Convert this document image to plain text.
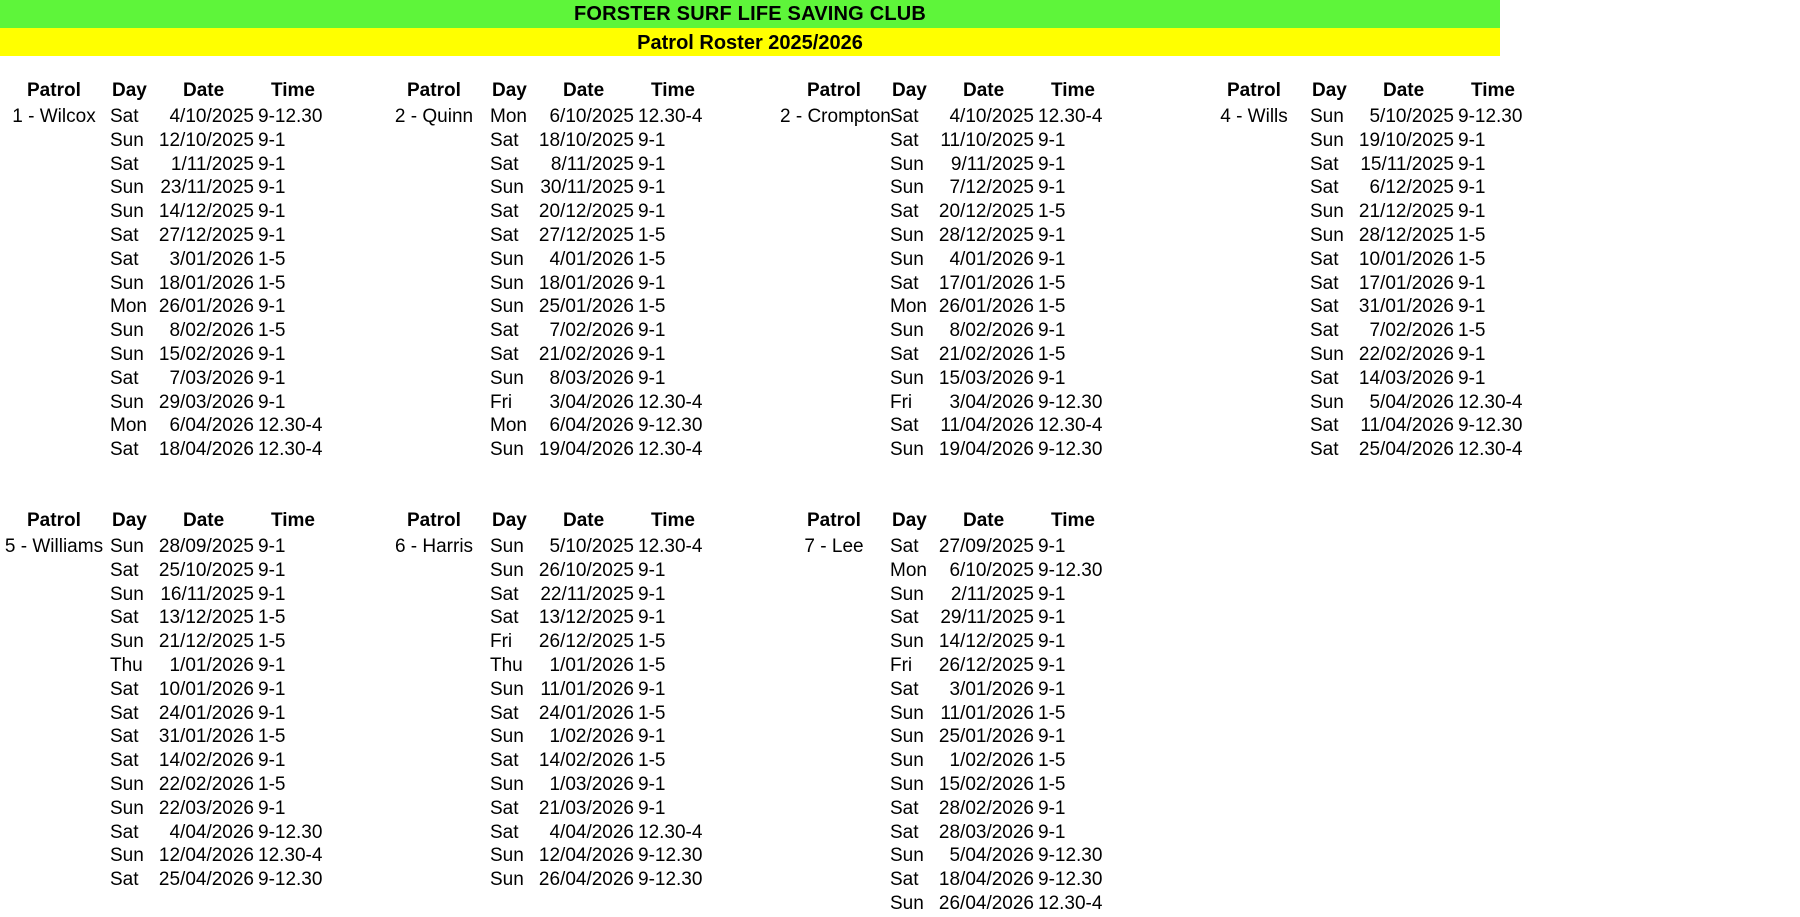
FORSTER SURF LIFE SAVING CLUB
Patrol Roster 2025/2026
Patrol Day Date Time
1 - Wilcox Sat 4/10/2025 9-12.30
Sun 12/10/2025 9-1
Sat 1/11/2025 9-1
Sun 23/11/2025 9-1
Sun 14/12/2025 9-1
Sat 27/12/2025 9-1
Sat 3/01/2026 1-5
Sun 18/01/2026 1-5
Mon 26/01/2026 9-1
Sun 8/02/2026 1-5
Sun 15/02/2026 9-1
Sat 7/03/2026 9-1
Sun 29/03/2026 9-1
Mon 6/04/2026 12.30-4
Sat 18/04/2026 12.30-4
Patrol Day Date Time
2 - Quinn Mon 6/10/2025 12.30-4
Sat 18/10/2025 9-1
Sat 8/11/2025 9-1
Sun 30/11/2025 9-1
Sat 20/12/2025 9-1
Sat 27/12/2025 1-5
Sun 4/01/2026 1-5
Sun 18/01/2026 9-1
Sun 25/01/2026 1-5
Sat 7/02/2026 9-1
Sat 21/02/2026 9-1
Sun 8/03/2026 9-1
Fri 3/04/2026 12.30-4
Mon 6/04/2026 9-12.30
Sun 19/04/2026 12.30-4
Patrol Day Date Time
2 - Crompton Sat 4/10/2025 12.30-4
Sat 11/10/2025 9-1
Sun 9/11/2025 9-1
Sun 7/12/2025 9-1
Sat 20/12/2025 1-5
Sun 28/12/2025 9-1
Sun 4/01/2026 9-1
Sat 17/01/2026 1-5
Mon 26/01/2026 1-5
Sun 8/02/2026 9-1
Sat 21/02/2026 1-5
Sun 15/03/2026 9-1
Fri 3/04/2026 9-12.30
Sat 11/04/2026 12.30-4
Sun 19/04/2026 9-12.30
Patrol Day Date Time
4 - Wills	Sun 5/10/2025 9-12.30
Sun 19/10/2025 9-1
Sat 15/11/2025 9-1
Sat 6/12/2025 9-1
Sun 21/12/2025 9-1
Sun 28/12/2025 1-5
Sat 10/01/2026 1-5
Sat 17/01/2026 9-1
Sat 31/01/2026 9-1
Sat 7/02/2026 1-5
Sun 22/02/2026 9-1
Sat 14/03/2026 9-1
Sun 5/04/2026 12.30-4
Sat 11/04/2026 9-12.30
Sat 25/04/2026 12.30-4
Patrol Day Date Time
5 - Williams Sun 28/09/2025 9-1
Sat 25/10/2025 9-1
Sun 16/11/2025 9-1
Sat 13/12/2025 1-5
Sun 21/12/2025 1-5
Thu 1/01/2026 9-1
Sat 10/01/2026 9-1
Sat 24/01/2026 9-1
Sat 31/01/2026 1-5
Sat 14/02/2026 9-1
Sun 22/02/2026 1-5
Sun 22/03/2026 9-1
Sat 4/04/2026 9-12.30
Sun 12/04/2026 12.30-4
Sat 25/04/2026 9-12.30
Patrol Day Date Time
6 - Harris Sun 5/10/2025 12.30-4
Sun 26/10/2025 9-1
Sat 22/11/2025 9-1
Sat 13/12/2025 9-1
Fri 26/12/2025 1-5
Thu 1/01/2026 1-5
Sun 11/01/2026 9-1
Sat 24/01/2026 1-5
Sun 1/02/2026 9-1
Sat 14/02/2026 1-5
Sun 1/03/2026 9-1
Sat 21/03/2026 9-1
Sat 4/04/2026 12.30-4
Sun 12/04/2026 9-12.30
Sun 26/04/2026 9-12.30
Patrol Day Date Time
7 - Lee	Sat 27/09/2025 9-1
Mon 6/10/2025 9-12.30
Sun 2/11/2025 9-1
Sat 29/11/2025 9-1
Sun 14/12/2025 9-1
Fri 26/12/2025 9-1
Sat 3/01/2026 9-1
Sun 11/01/2026 1-5
Sun 25/01/2026 9-1
Sun 1/02/2026 1-5
Sun 15/02/2026 1-5
Sat 28/02/2026 9-1
Sat 28/03/2026 9-1
Sun 5/04/2026 9-12.30
Sat 18/04/2026 9-12.30
Sun 26/04/2026 12.30-4
